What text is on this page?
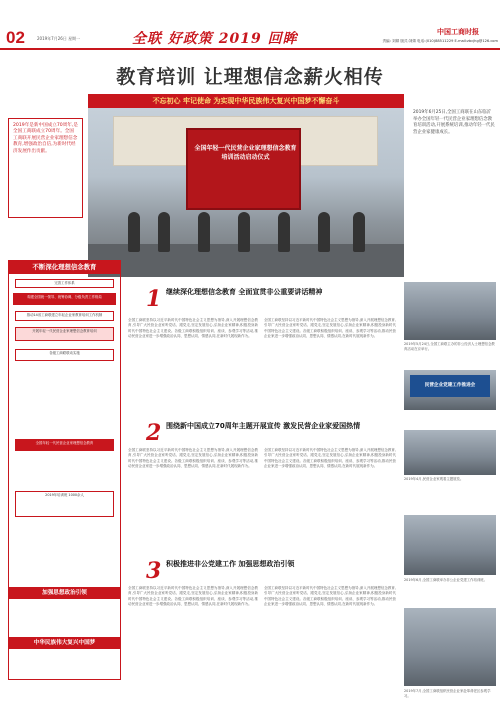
02	2019年7月26日 星期一	全联 好政策 2019 回眸	中国工商时报
责编: 刘婧 版式:刘婧 电话:(010)88511229 E-mail:zbcjhg@126.com
教育培训 让理想信念薪火相传
不忘初心 牢记使命 为实现中华民族伟大复兴中国梦不懈奋斗
全国年轻一代民营企业家理想信念教育培训活动启动仪式
2019年是新中国成立70周年,是全国工商联成立70周年。全国工商联开展民营企业家理想信念教育,增强政治自信,为新时代经济发展作出贡献。
2019年6月25日,全国工商联在山东临沂举办全国年轻一代民营企业家理想信念教育培训活动,开展系统培训,推动年轻一代民营企业家健康成长。
不断深化理想信念教育
完善工作体系
构建全国统一领导、统筹协调、分级负责工作格局
推动14省工商联建立年轻企业家教育培训工作机制
开展年轻一代民营企业家理想信念教育培训
各级工商联联动实施
全国年轻一代民营企业家理想信念教育
2019年培训班 1000余人
加强思想政治引领
中华民族伟大复兴中国梦
1 继续深化理想信念教育 全面宣贯非公重要讲话精神
全国工商联坚持以习近平新时代中国特色社会主义思想为指导,深入开展理想信念教育,引导广大民营企业家听党话、跟党走,坚定发展信心,弘扬企业家精神,积极投身新时代中国特色社会主义建设。各级工商联积极组织培训、座谈、参观学习等活动,推动民营企业家进一步增强政治认同、思想认同、情感认同,在新时代展现新作为。
全国工商联坚持以习近平新时代中国特色社会主义思想为指导,深入开展理想信念教育,引导广大民营企业家听党话、跟党走,坚定发展信心,弘扬企业家精神,积极投身新时代中国特色社会主义建设。各级工商联积极组织培训、座谈、参观学习等活动,推动民营企业家进一步增强政治认同、思想认同、情感认同,在新时代展现新作为。
2 围绕新中国成立70周年主题开展宣传 激发民营企业家爱国热情
全国工商联坚持以习近平新时代中国特色社会主义思想为指导,深入开展理想信念教育,引导广大民营企业家听党话、跟党走,坚定发展信心,弘扬企业家精神,积极投身新时代中国特色社会主义建设。各级工商联积极组织培训、座谈、参观学习等活动,推动民营企业家进一步增强政治认同、思想认同、情感认同,在新时代展现新作为。
全国工商联坚持以习近平新时代中国特色社会主义思想为指导,深入开展理想信念教育,引导广大民营企业家听党话、跟党走,坚定发展信心,弘扬企业家精神,积极投身新时代中国特色社会主义建设。各级工商联积极组织培训、座谈、参观学习等活动,推动民营企业家进一步增强政治认同、思想认同、情感认同,在新时代展现新作为。
3 积极推进非公党建工作 加强思想政治引领
全国工商联坚持以习近平新时代中国特色社会主义思想为指导,深入开展理想信念教育,引导广大民营企业家听党话、跟党走,坚定发展信心,弘扬企业家精神,积极投身新时代中国特色社会主义建设。各级工商联积极组织培训、座谈、参观学习等活动,推动民营企业家进一步增强政治认同、思想认同、情感认同,在新时代展现新作为。
全国工商联坚持以习近平新时代中国特色社会主义思想为指导,深入开展理想信念教育,引导广大民营企业家听党话、跟党走,坚定发展信心,弘扬企业家精神,积极投身新时代中国特色社会主义建设。各级工商联积极组织培训、座谈、参观学习等活动,推动民营企业家进一步增强政治认同、思想认同、情感认同,在新时代展现新作为。
2019年5月24日,全国工商联主办的非公经济人士理想信念教育活动在京举行。
民营企业党建工作推进会
2019年4月,民营企业家观看主题展览。
2019年6月,全国工商联举办非公企业党建工作培训班。
2019年7月,全国工商联组织民营企业家赴革命老区参观学习。
